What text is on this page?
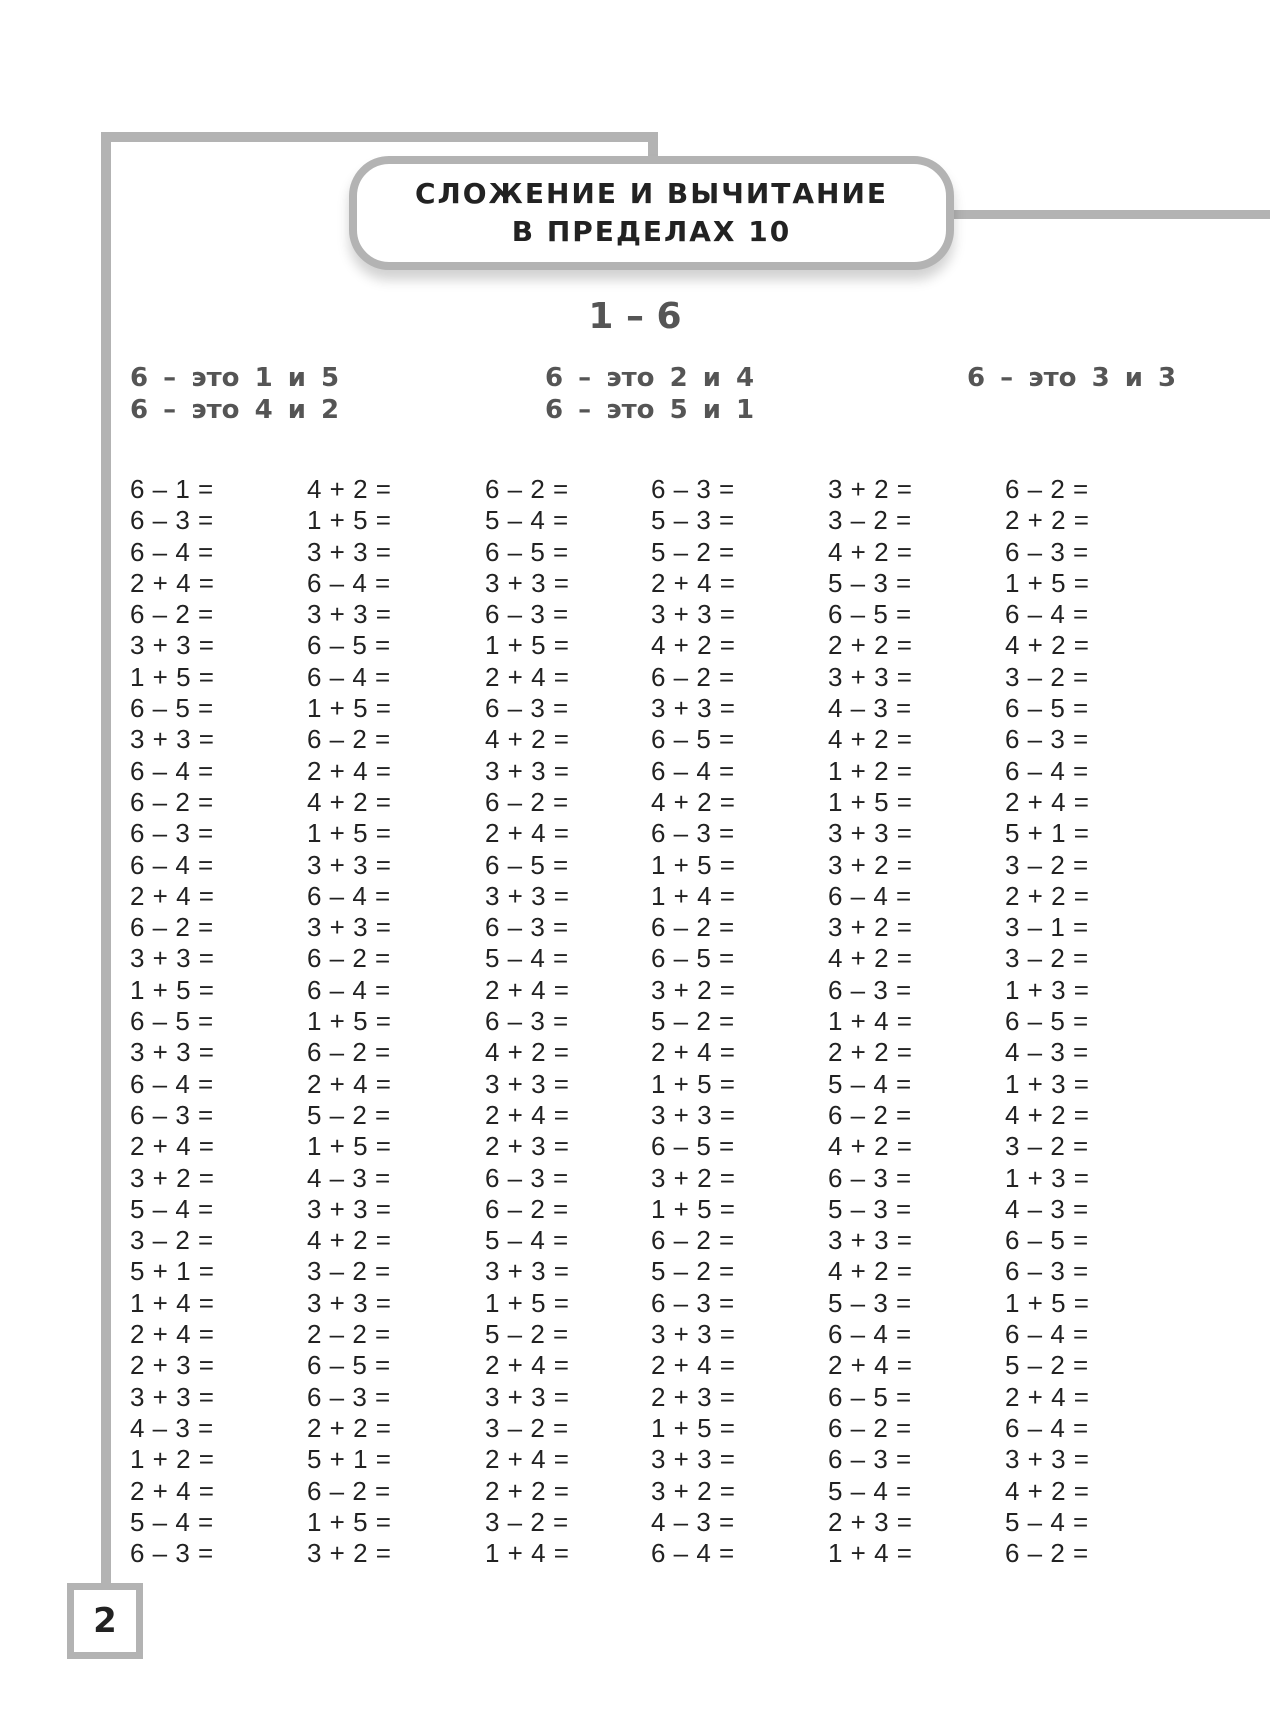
СЛОЖЕНИЕ И ВЫЧИТАНИЕ
В ПРЕДЕЛАХ 10
1 – 6
6 – это 1 и 5
6 – это 4 и 2
6 – это 2 и 4
6 – это 5 и 1
6 – это 3 и 3
6 – 1 =
6 – 3 =
6 – 4 =
2 + 4 =
6 – 2 =
3 + 3 =
1 + 5 =
6 – 5 =
3 + 3 =
6 – 4 =
6 – 2 =
6 – 3 =
6 – 4 =
2 + 4 =
6 – 2 =
3 + 3 =
1 + 5 =
6 – 5 =
3 + 3 =
6 – 4 =
6 – 3 =
2 + 4 =
3 + 2 =
5 – 4 =
3 – 2 =
5 + 1 =
1 + 4 =
2 + 4 =
2 + 3 =
3 + 3 =
4 – 3 =
1 + 2 =
2 + 4 =
5 – 4 =
6 – 3 =
4 + 2 =
1 + 5 =
3 + 3 =
6 – 4 =
3 + 3 =
6 – 5 =
6 – 4 =
1 + 5 =
6 – 2 =
2 + 4 =
4 + 2 =
1 + 5 =
3 + 3 =
6 – 4 =
3 + 3 =
6 – 2 =
6 – 4 =
1 + 5 =
6 – 2 =
2 + 4 =
5 – 2 =
1 + 5 =
4 – 3 =
3 + 3 =
4 + 2 =
3 – 2 =
3 + 3 =
2 – 2 =
6 – 5 =
6 – 3 =
2 + 2 =
5 + 1 =
6 – 2 =
1 + 5 =
3 + 2 =
6 – 2 =
5 – 4 =
6 – 5 =
3 + 3 =
6 – 3 =
1 + 5 =
2 + 4 =
6 – 3 =
4 + 2 =
3 + 3 =
6 – 2 =
2 + 4 =
6 – 5 =
3 + 3 =
6 – 3 =
5 – 4 =
2 + 4 =
6 – 3 =
4 + 2 =
3 + 3 =
2 + 4 =
2 + 3 =
6 – 3 =
6 – 2 =
5 – 4 =
3 + 3 =
1 + 5 =
5 – 2 =
2 + 4 =
3 + 3 =
3 – 2 =
2 + 4 =
2 + 2 =
3 – 2 =
1 + 4 =
6 – 3 =
5 – 3 =
5 – 2 =
2 + 4 =
3 + 3 =
4 + 2 =
6 – 2 =
3 + 3 =
6 – 5 =
6 – 4 =
4 + 2 =
6 – 3 =
1 + 5 =
1 + 4 =
6 – 2 =
6 – 5 =
3 + 2 =
5 – 2 =
2 + 4 =
1 + 5 =
3 + 3 =
6 – 5 =
3 + 2 =
1 + 5 =
6 – 2 =
5 – 2 =
6 – 3 =
3 + 3 =
2 + 4 =
2 + 3 =
1 + 5 =
3 + 3 =
3 + 2 =
4 – 3 =
6 – 4 =
3 + 2 =
3 – 2 =
4 + 2 =
5 – 3 =
6 – 5 =
2 + 2 =
3 + 3 =
4 – 3 =
4 + 2 =
1 + 2 =
1 + 5 =
3 + 3 =
3 + 2 =
6 – 4 =
3 + 2 =
4 + 2 =
6 – 3 =
1 + 4 =
2 + 2 =
5 – 4 =
6 – 2 =
4 + 2 =
6 – 3 =
5 – 3 =
3 + 3 =
4 + 2 =
5 – 3 =
6 – 4 =
2 + 4 =
6 – 5 =
6 – 2 =
6 – 3 =
5 – 4 =
2 + 3 =
1 + 4 =
6 – 2 =
2 + 2 =
6 – 3 =
1 + 5 =
6 – 4 =
4 + 2 =
3 – 2 =
6 – 5 =
6 – 3 =
6 – 4 =
2 + 4 =
5 + 1 =
3 – 2 =
2 + 2 =
3 – 1 =
3 – 2 =
1 + 3 =
6 – 5 =
4 – 3 =
1 + 3 =
4 + 2 =
3 – 2 =
1 + 3 =
4 – 3 =
6 – 5 =
6 – 3 =
1 + 5 =
6 – 4 =
5 – 2 =
2 + 4 =
6 – 4 =
3 + 3 =
4 + 2 =
5 – 4 =
6 – 2 =
2
